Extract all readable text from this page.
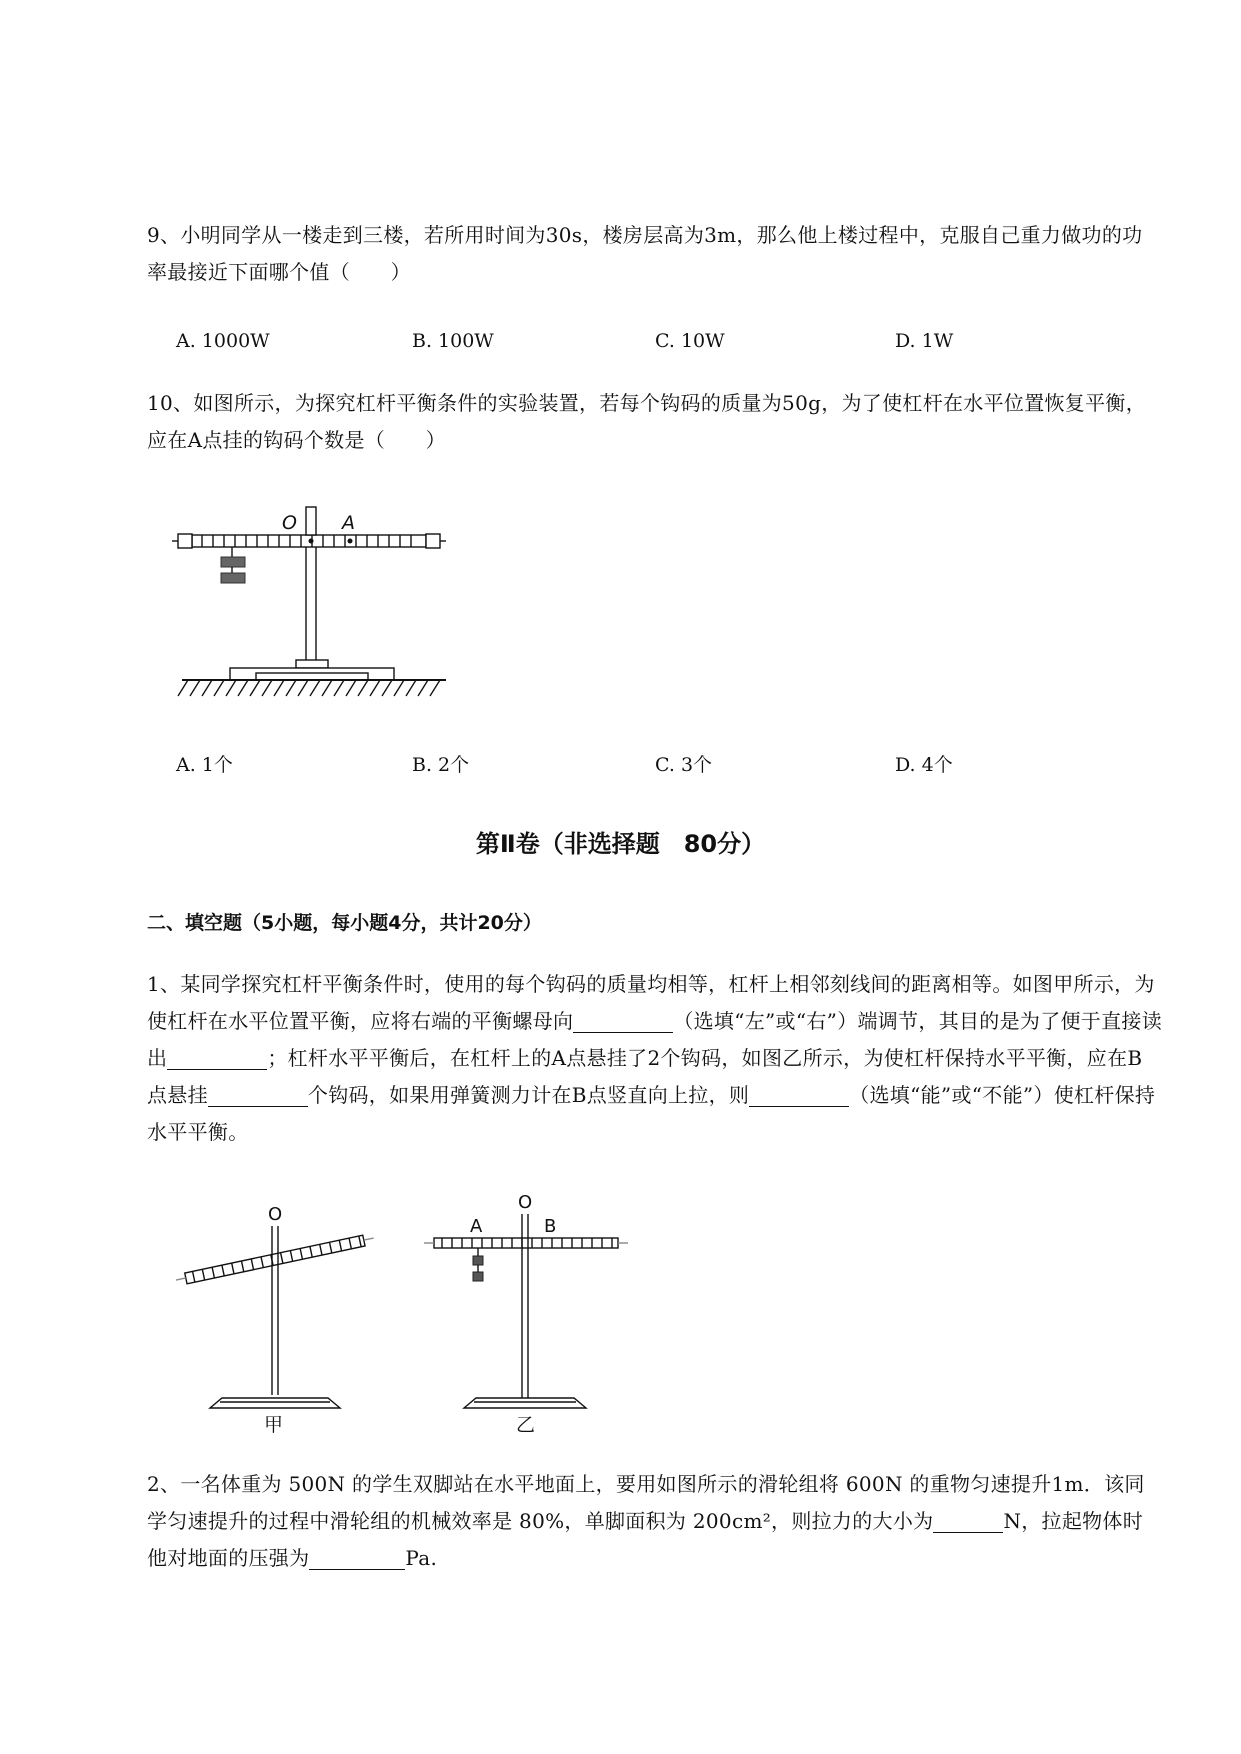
9、小明同学从一楼走到三楼，若所用时间为30s，楼房层高为3m，那么他上楼过程中，克服自己重力做功的功率最接近下面哪个值（　　）

A. 1000W	B. 100W	C. 10W	D. 1W

10、如图所示，为探究杠杆平衡条件的实验装置，若每个钩码的质量为50g，为了使杠杆在水平位置恢复平衡，应在A点挂的钩码个数是（　　）

O A
A. 1个	B. 2个	C. 3个	D. 4个
第Ⅱ卷（非选择题　80分）
二、填空题（5小题，每小题4分，共计20分）

1、某同学探究杠杆平衡条件时，使用的每个钩码的质量均相等，杠杆上相邻刻线间的距离相等。如图甲所示，为使杠杆在水平位置平衡，应将右端的平衡螺母向	（选填“左”或“右”）端调节，其目的是为了便于直接读出	；杠杆水平平衡后，在杠杆上的A点悬挂了2个钩码，如图乙所示，为使杠杆保持水平平衡，应在B点悬挂	个钩码，如果用弹簧测力计在B点竖直向上拉，则	（选填“能”或“不能”）使杠杆保持水平平衡。

O
甲
A
O
B
乙

2、一名体重为 500N 的学生双脚站在水平地面上，要用如图所示的滑轮组将 600N 的重物匀速提升1m．该同学匀速提升的过程中滑轮组的机械效率是 80%，单脚面积为 200cm²，则拉力的大小为	N，拉起物体时他对地面的压强为	Pa.
